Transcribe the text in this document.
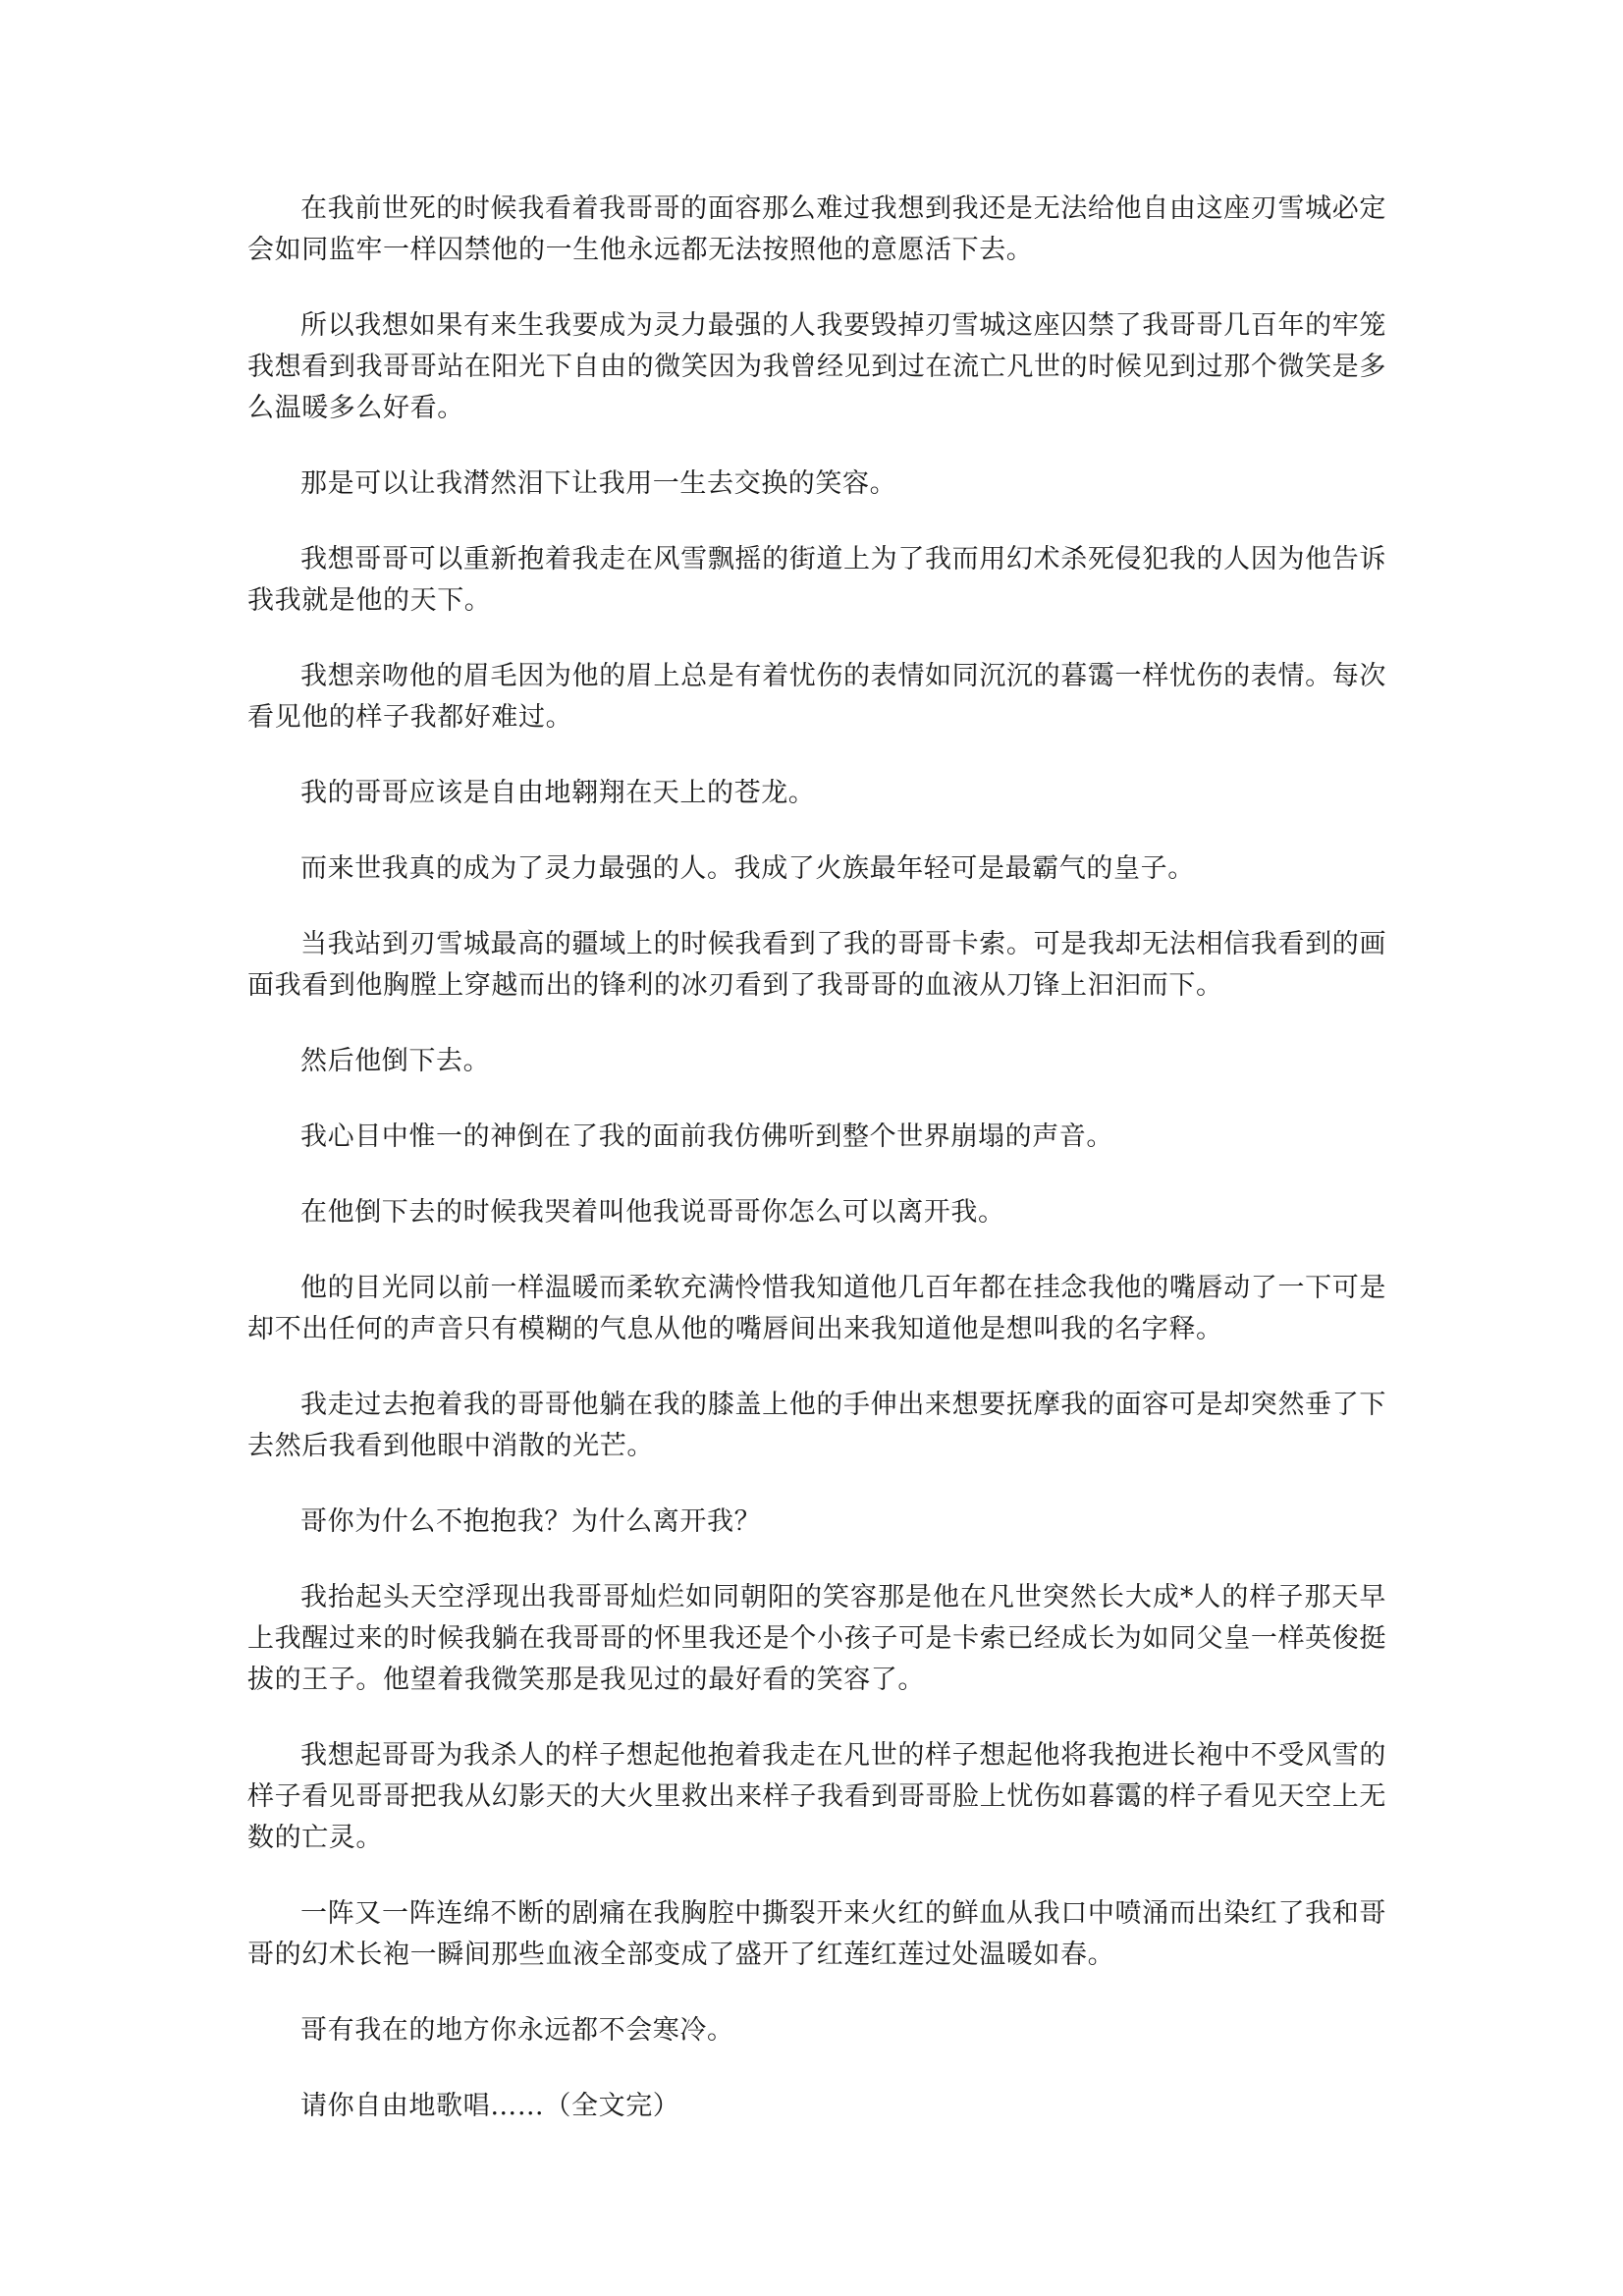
在我前世死的时候我看着我哥哥的面容那么难过我想到我还是无法给他自由这座刃雪城必定会如同监牢一样囚禁他的一生他永远都无法按照他的意愿活下去。

所以我想如果有来生我要成为灵力最强的人我要毁掉刃雪城这座囚禁了我哥哥几百年的牢笼我想看到我哥哥站在阳光下自由的微笑因为我曾经见到过在流亡凡世的时候见到过那个微笑是多么温暖多么好看。

那是可以让我潸然泪下让我用一生去交换的笑容。

我想哥哥可以重新抱着我走在风雪飘摇的街道上为了我而用幻术杀死侵犯我的人因为他告诉我我就是他的天下。

我想亲吻他的眉毛因为他的眉上总是有着忧伤的表情如同沉沉的暮霭一样忧伤的表情。每次看见他的样子我都好难过。

我的哥哥应该是自由地翱翔在天上的苍龙。

而来世我真的成为了灵力最强的人。我成了火族最年轻可是最霸气的皇子。

当我站到刃雪城最高的疆域上的时候我看到了我的哥哥卡索。可是我却无法相信我看到的画面我看到他胸膛上穿越而出的锋利的冰刃看到了我哥哥的血液从刀锋上汩汩而下。

然后他倒下去。

我心目中惟一的神倒在了我的面前我仿佛听到整个世界崩塌的声音。

在他倒下去的时候我哭着叫他我说哥哥你怎么可以离开我。

他的目光同以前一样温暖而柔软充满怜惜我知道他几百年都在挂念我他的嘴唇动了一下可是却不出任何的声音只有模糊的气息从他的嘴唇间出来我知道他是想叫我的名字释。

我走过去抱着我的哥哥他躺在我的膝盖上他的手伸出来想要抚摩我的面容可是却突然垂了下去然后我看到他眼中消散的光芒。

哥你为什么不抱抱我？为什么离开我？

我抬起头天空浮现出我哥哥灿烂如同朝阳的笑容那是他在凡世突然长大成*人的样子那天早上我醒过来的时候我躺在我哥哥的怀里我还是个小孩子可是卡索已经成长为如同父皇一样英俊挺拔的王子。他望着我微笑那是我见过的最好看的笑容了。

我想起哥哥为我杀人的样子想起他抱着我走在凡世的样子想起他将我抱进长袍中不受风雪的样子看见哥哥把我从幻影天的大火里救出来样子我看到哥哥脸上忧伤如暮霭的样子看见天空上无数的亡灵。

一阵又一阵连绵不断的剧痛在我胸腔中撕裂开来火红的鲜血从我口中喷涌而出染红了我和哥哥的幻术长袍一瞬间那些血液全部变成了盛开了红莲红莲过处温暖如春。

哥有我在的地方你永远都不会寒冷。

请你自由地歌唱……（全文完）
